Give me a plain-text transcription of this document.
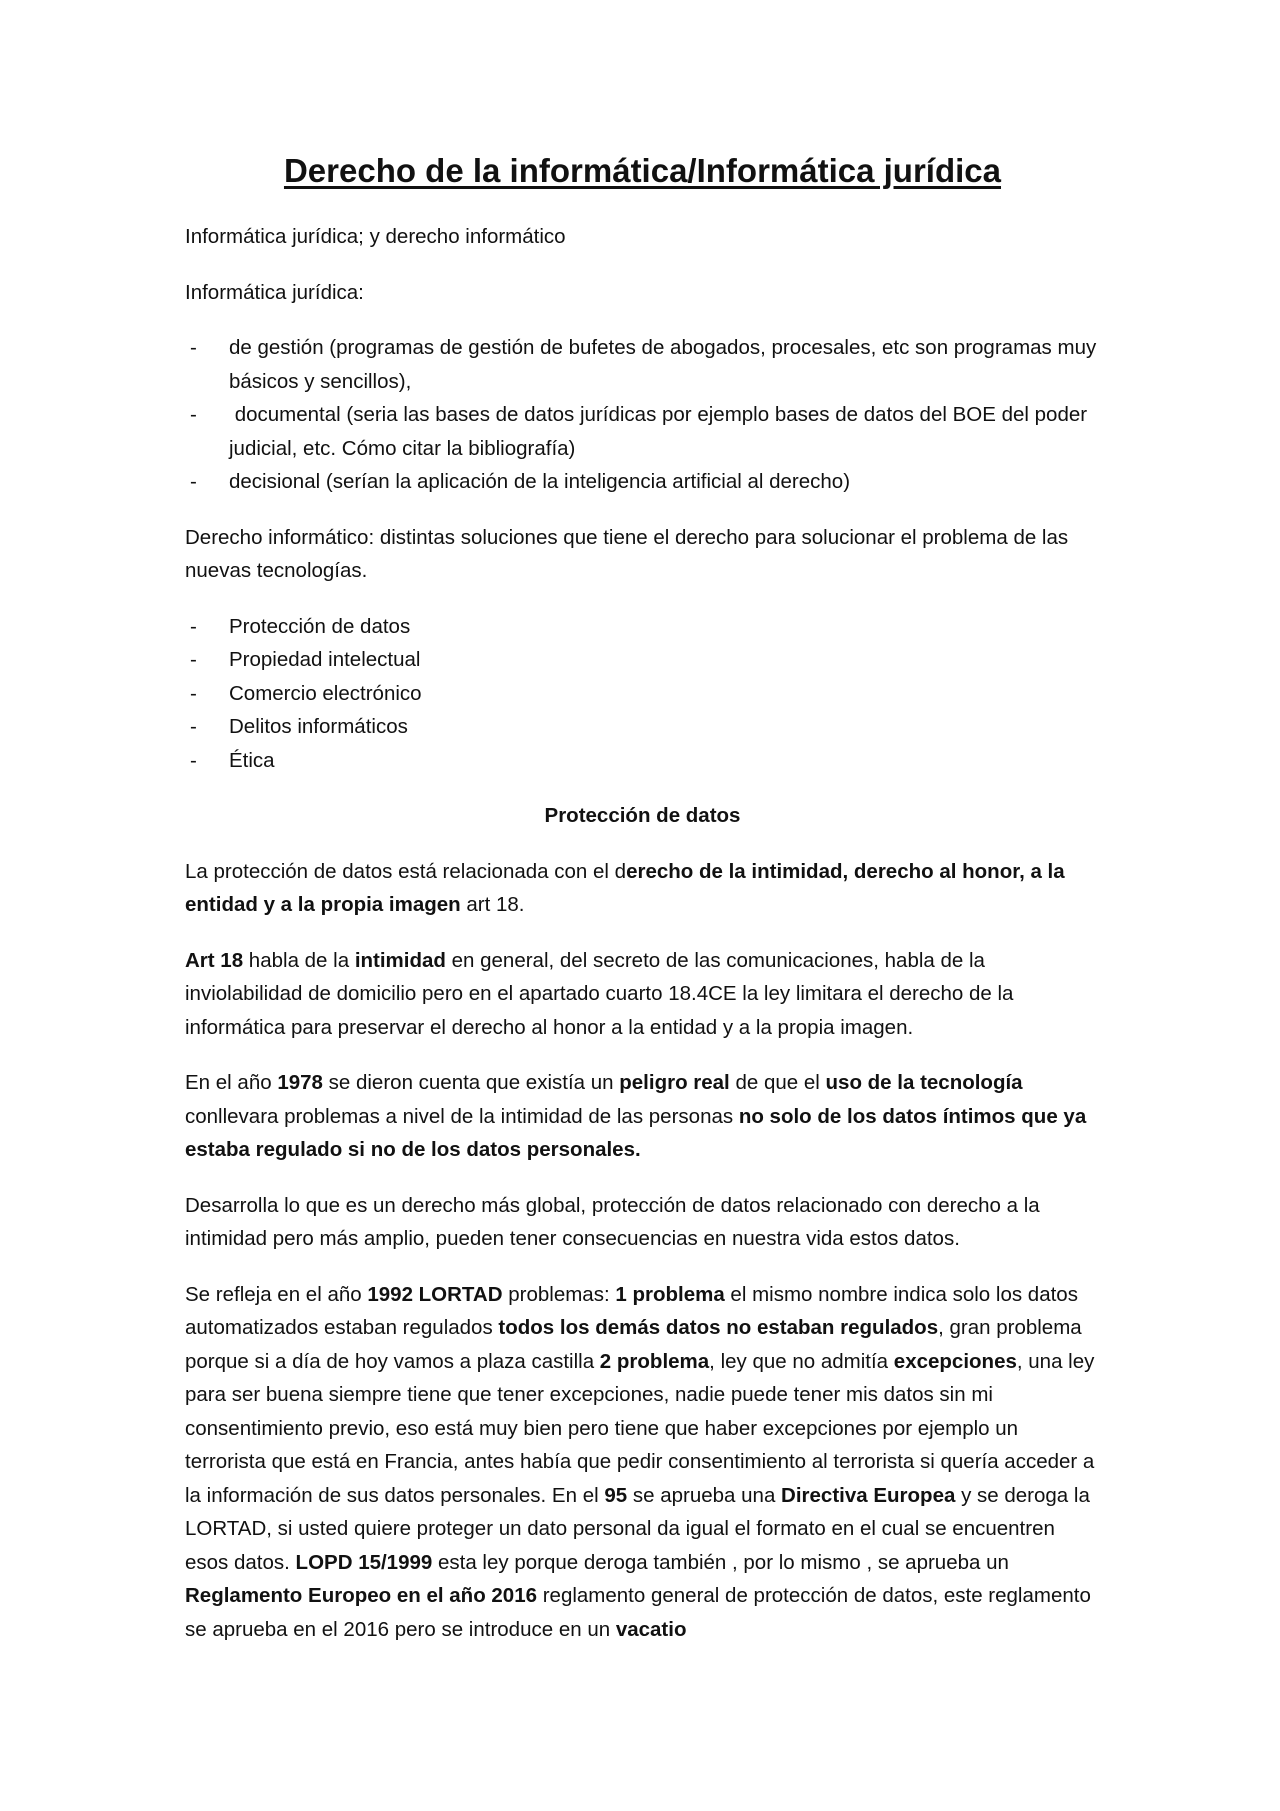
Derecho de la informática/Informática jurídica

Informática jurídica; y derecho informático

Informática jurídica:

- de gestión (programas de gestión de bufetes de abogados, procesales, etc son programas muy básicos y sencillos),
- documental (seria las bases de datos jurídicas por ejemplo bases de datos del BOE del poder judicial, etc. Cómo citar la bibliografía)
- decisional (serían la aplicación de la inteligencia artificial al derecho)

Derecho informático: distintas soluciones que tiene el derecho para solucionar el problema de las nuevas tecnologías.

- Protección de datos
- Propiedad intelectual
- Comercio electrónico
- Delitos informáticos
- Ética
Protección de datos

La protección de datos está relacionada con el derecho de la intimidad, derecho al honor, a la entidad y a la propia imagen art 18.

Art 18 habla de la intimidad en general, del secreto de las comunicaciones, habla de la inviolabilidad de domicilio pero en el apartado cuarto 18.4CE la ley limitara el derecho de la informática para preservar el derecho al honor a la entidad y a la propia imagen.

En el año 1978 se dieron cuenta que existía un peligro real de que el uso de la tecnología conllevara problemas a nivel de la intimidad de las personas no solo de los datos íntimos que ya estaba regulado si no de los datos personales.

Desarrolla lo que es un derecho más global, protección de datos relacionado con derecho a la intimidad pero más amplio, pueden tener consecuencias en nuestra vida estos datos.

Se refleja en el año 1992 LORTAD problemas: 1 problema el mismo nombre indica solo los datos automatizados estaban regulados todos los demás datos no estaban regulados, gran problema porque si a día de hoy vamos a plaza castilla 2 problema, ley que no admitía excepciones, una ley para ser buena siempre tiene que tener excepciones, nadie puede tener mis datos sin mi consentimiento previo, eso está muy bien pero tiene que haber excepciones por ejemplo un terrorista que está en Francia, antes había que pedir consentimiento al terrorista si quería acceder a la información de sus datos personales. En el 95 se aprueba una Directiva Europea y se deroga la LORTAD, si usted quiere proteger un dato personal da igual el formato en el cual se encuentren esos datos. LOPD 15/1999 esta ley porque deroga también , por lo mismo , se aprueba un Reglamento Europeo en el año 2016 reglamento general de protección de datos, este reglamento se aprueba en el 2016 pero se introduce en un vacatio
